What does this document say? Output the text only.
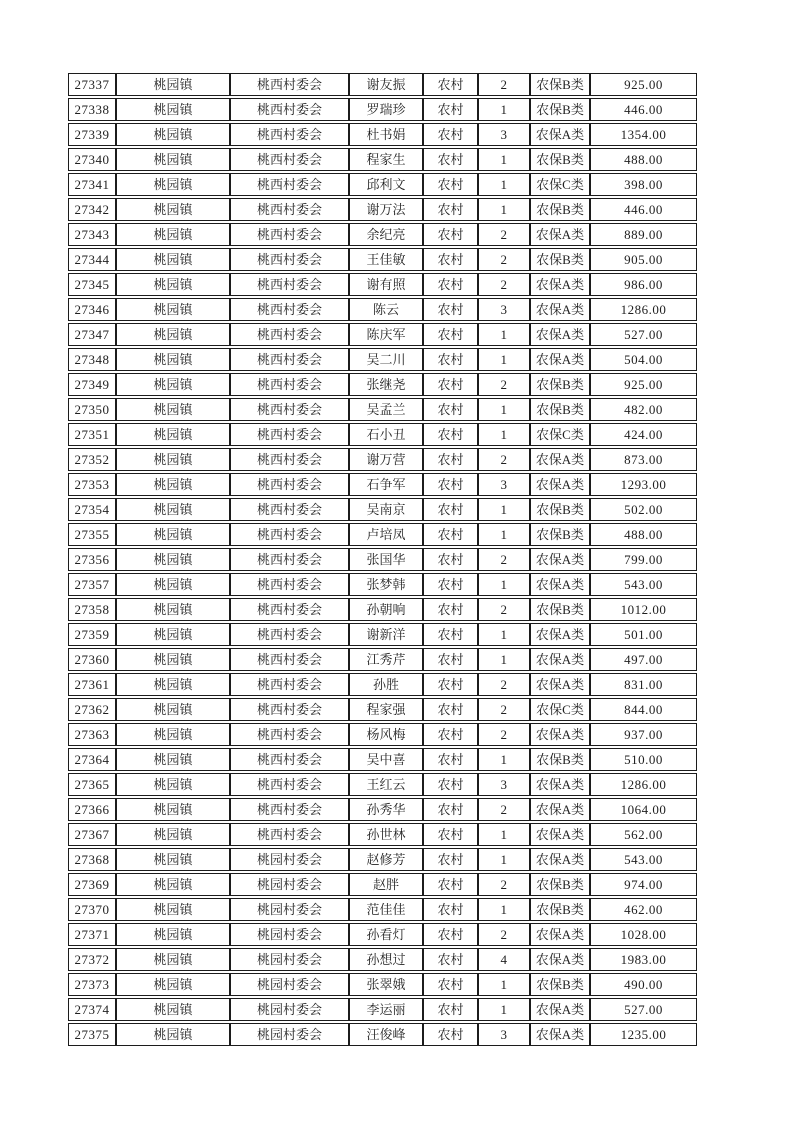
27337	桃园镇	桃西村委会	谢友振	农村	2	农保B类	925.00
27338	桃园镇	桃西村委会	罗瑞珍	农村	1	农保B类	446.00
27339	桃园镇	桃西村委会	杜书娟	农村	3	农保A类	1354.00
27340	桃园镇	桃西村委会	程家生	农村	1	农保B类	488.00
27341	桃园镇	桃西村委会	邱利文	农村	1	农保C类	398.00
27342	桃园镇	桃西村委会	谢万法	农村	1	农保B类	446.00
27343	桃园镇	桃西村委会	余纪亮	农村	2	农保A类	889.00
27344	桃园镇	桃西村委会	王佳敏	农村	2	农保B类	905.00
27345	桃园镇	桃西村委会	谢有照	农村	2	农保A类	986.00
27346	桃园镇	桃西村委会	陈云	农村	3	农保A类	1286.00
27347	桃园镇	桃西村委会	陈庆军	农村	1	农保A类	527.00
27348	桃园镇	桃西村委会	吴二川	农村	1	农保A类	504.00
27349	桃园镇	桃西村委会	张继尧	农村	2	农保B类	925.00
27350	桃园镇	桃西村委会	吴孟兰	农村	1	农保B类	482.00
27351	桃园镇	桃西村委会	石小丑	农村	1	农保C类	424.00
27352	桃园镇	桃西村委会	谢万营	农村	2	农保A类	873.00
27353	桃园镇	桃西村委会	石争军	农村	3	农保A类	1293.00
27354	桃园镇	桃西村委会	吴南京	农村	1	农保B类	502.00
27355	桃园镇	桃西村委会	卢培凤	农村	1	农保B类	488.00
27356	桃园镇	桃西村委会	张国华	农村	2	农保A类	799.00
27357	桃园镇	桃西村委会	张梦韩	农村	1	农保A类	543.00
27358	桃园镇	桃西村委会	孙朝响	农村	2	农保B类	1012.00
27359	桃园镇	桃西村委会	谢新洋	农村	1	农保A类	501.00
27360	桃园镇	桃西村委会	江秀芹	农村	1	农保A类	497.00
27361	桃园镇	桃西村委会	孙胜	农村	2	农保A类	831.00
27362	桃园镇	桃西村委会	程家强	农村	2	农保C类	844.00
27363	桃园镇	桃西村委会	杨风梅	农村	2	农保A类	937.00
27364	桃园镇	桃西村委会	吴中喜	农村	1	农保B类	510.00
27365	桃园镇	桃西村委会	王红云	农村	3	农保A类	1286.00
27366	桃园镇	桃西村委会	孙秀华	农村	2	农保A类	1064.00
27367	桃园镇	桃西村委会	孙世林	农村	1	农保A类	562.00
27368	桃园镇	桃园村委会	赵修芳	农村	1	农保A类	543.00
27369	桃园镇	桃园村委会	赵胖	农村	2	农保B类	974.00
27370	桃园镇	桃园村委会	范佳佳	农村	1	农保B类	462.00
27371	桃园镇	桃园村委会	孙看灯	农村	2	农保A类	1028.00
27372	桃园镇	桃园村委会	孙想过	农村	4	农保A类	1983.00
27373	桃园镇	桃园村委会	张翠娥	农村	1	农保B类	490.00
27374	桃园镇	桃园村委会	李运丽	农村	1	农保A类	527.00
27375	桃园镇	桃园村委会	汪俊峰	农村	3	农保A类	1235.00
